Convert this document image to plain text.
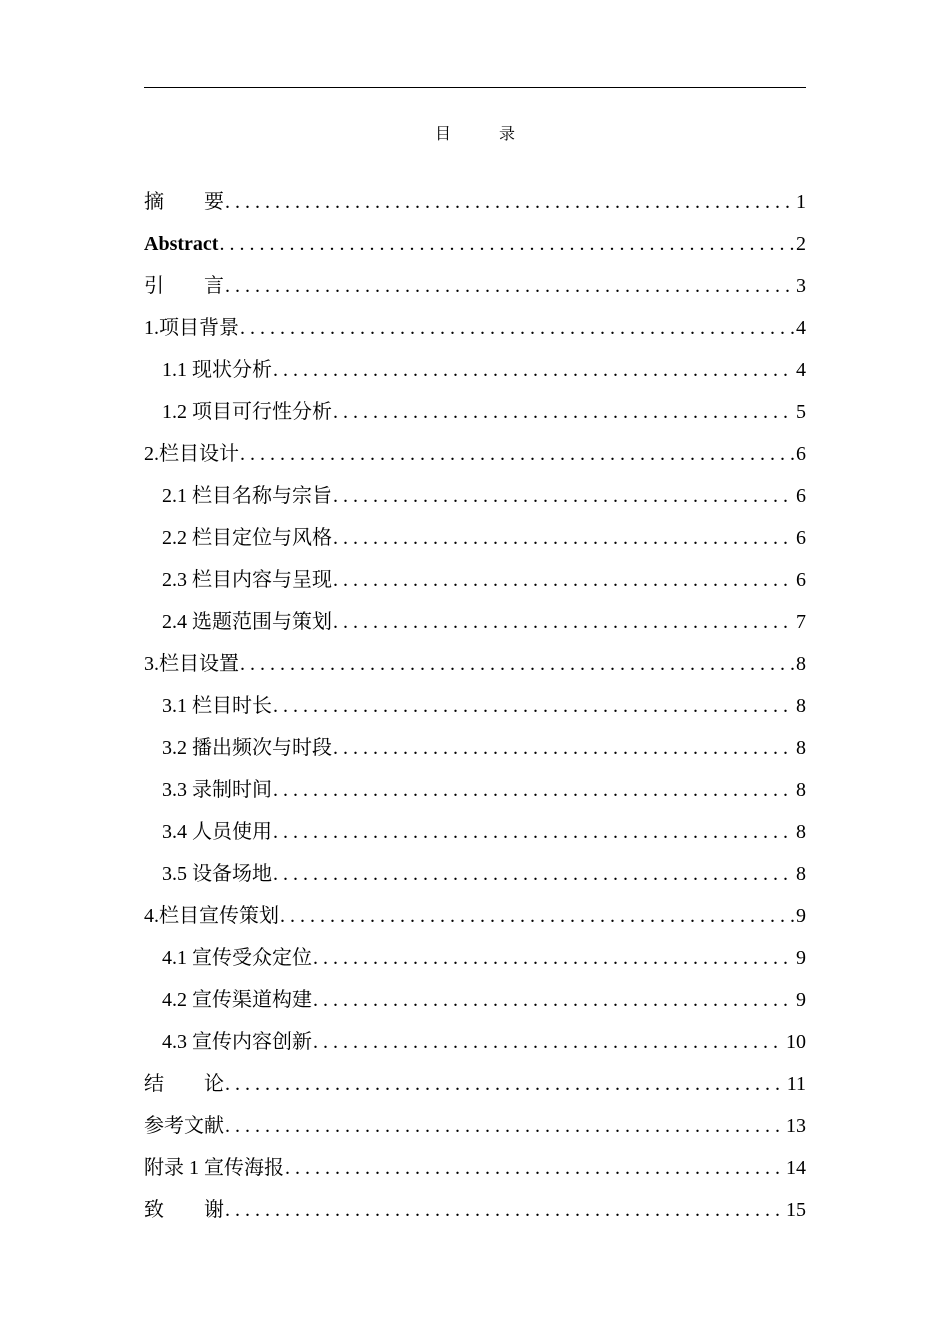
目 录
摘  要 . . .	1
Abstract . . .	2
引  言 . . .	3
1.项目背景 . . .	4
1.1 现状分析 . . .	4
1.2 项目可行性分析 . . .	5
2.栏目设计 . . .	6
2.1 栏目名称与宗旨 . . .	6
2.2 栏目定位与风格 . . .	6
2.3 栏目内容与呈现 . . .	6
2.4 选题范围与策划 . . .	7
3.栏目设置 . . .	8
3.1 栏目时长 . . .	8
3.2 播出频次与时段 . . .	8
3.3 录制时间 . . .	8
3.4 人员使用 . . .	8
3.5 设备场地 . . .	8
4.栏目宣传策划 . . .	9
4.1 宣传受众定位 . . .	9
4.2 宣传渠道构建 . . .	9
4.3 宣传内容创新 . . .	10
结  论 . . .	11
参考文献 . . .	13
附录 1 宣传海报 . . .	14
致  谢 . . .	15
